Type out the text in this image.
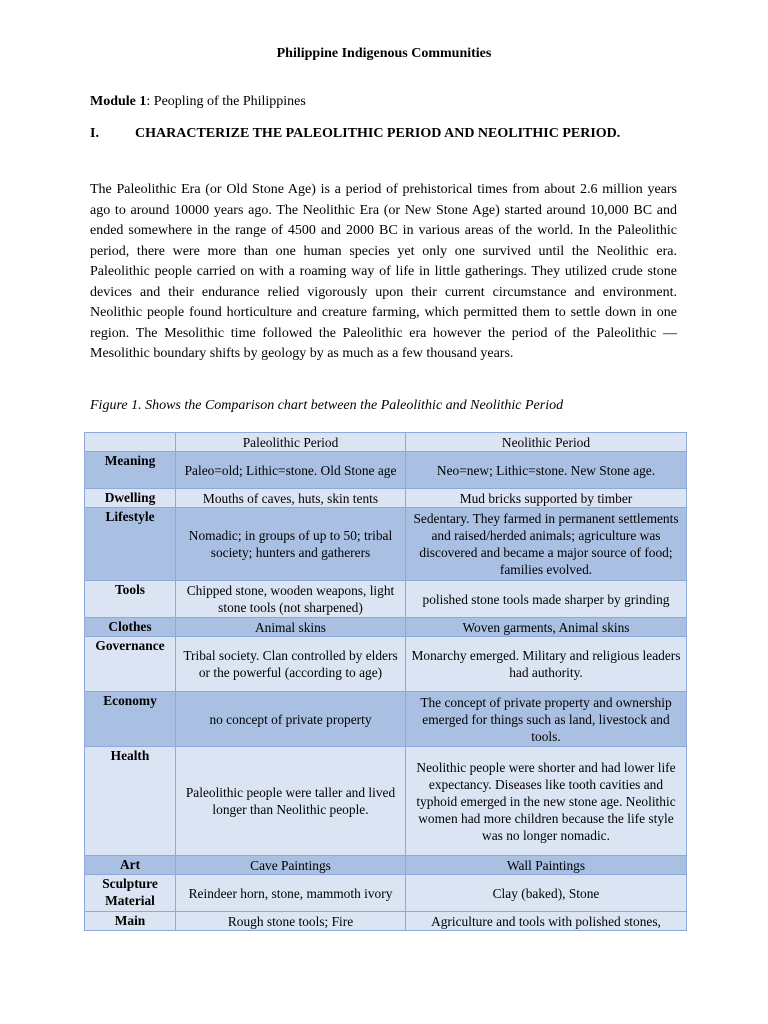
Philippine Indigenous Communities
Module 1: Peopling of the Philippines
I.	CHARACTERIZE THE PALEOLITHIC PERIOD AND NEOLITHIC PERIOD.

The Paleolithic Era (or Old Stone Age) is a period of prehistorical times from about 2.6 million years ago to around 10000 years ago. The Neolithic Era (or New Stone Age) started around 10,000 BC and ended somewhere in the range of 4500 and 2000 BC in various areas of the world. In the Paleolithic period, there were more than one human species yet only one survived until the Neolithic era. Paleolithic people carried on with a roaming way of life in little gatherings. They utilized crude stone devices and their endurance relied vigorously upon their current circumstance and environment. Neolithic people found horticulture and creature farming, which permitted them to settle down in one region. The Mesolithic time followed the Paleolithic era however the period of the Paleolithic — Mesolithic boundary shifts by geology by as much as a few thousand years.

Figure 1. Shows the Comparison chart between the Paleolithic and Neolithic Period
	Paleolithic Period	Neolithic Period
Meaning	Paleo=old; Lithic=stone. Old Stone age	Neo=new; Lithic=stone. New Stone age.
Dwelling	Mouths of caves, huts, skin tents	Mud bricks supported by timber
Lifestyle	Nomadic; in groups of up to 50; tribal society; hunters and gatherers	Sedentary. They farmed in permanent settlements and raised/herded animals; agriculture was discovered and became a major source of food; families evolved.
Tools	Chipped stone, wooden weapons, light stone tools (not sharpened)	polished stone tools made sharper by grinding
Clothes	Animal skins	Woven garments, Animal skins
Governance	Tribal society. Clan controlled by elders or the powerful (according to age)	Monarchy emerged. Military and religious leaders had authority.
Economy	no concept of private property	The concept of private property and ownership emerged for things such as land, livestock and tools.
Health	Paleolithic people were taller and lived longer than Neolithic people.	Neolithic people were shorter and had lower life expectancy. Diseases like tooth cavities and typhoid emerged in the new stone age. Neolithic women had more children because the life style was no longer nomadic.
Art	Cave Paintings	Wall Paintings
Sculpture Material	Reindeer horn, stone, mammoth ivory	Clay (baked), Stone
Main	Rough stone tools; Fire	Agriculture and tools with polished stones,
